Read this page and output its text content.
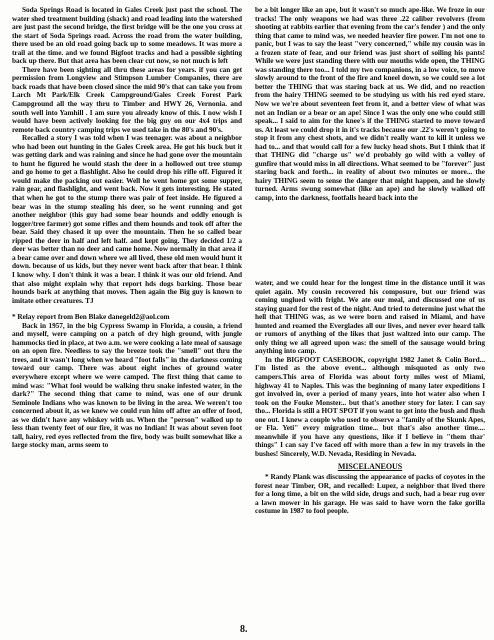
Soda Springs Road is located in Gales Creek just past the school. The water shed treatment building (shack) and road leading into the watershed are just past the second bridge, the first bridge will be the one you cross at the start of Soda Springs road. Across the road from the water building, there used be an old road going back up to some meadows. It was more a trail at the time. and we found Bigfoot tracks and had a possible sighting back up there. But that area has been clear cut now, so not much is left

There have been sighting all thru these areas for years. if you can get permission from Longview and Stimpson Lumber Companies, there are back roads that have been closed since the mid 90's that can take you from Larch Mt Park/Elk Creek Campground/Gales Creek Forest Park Campground all the way thru to Timber and HWY 26, Vernonia. and south well into Yamhill . I am sure you already know of this. I now wish I would have been actively looking for the big guy on our 4x4 trips and remote back country camping trips we used take in the 80's and 90's.

Recalled a story I was told when I was teenager. was about a neighbor who had been out hunting in the Gales Creek area. He got his buck but it was getting dark and was raining and since he had gone over the mountain to hunt he figured he would stash the deer in a hollowed out tree stump and go home to get a flashlight. Also he could drop his rifle off. Figured it would make the packing out easier. Well he went home got some supper, rain gear, and flashlight, and went back. Now it gets interesting. He stated that when he got to the stump there was pair of feet inside. He figured a bear was in the stump stealing his deer, so he went running and got another neighbor (this guy had some bear hounds and oddly enough is logger/tree farmer) got some rifles and them hounds and took off after the bear. Said they chased it up over the mountain. Then he so called bear ripped the deer in half and left half. and kept going. They decided 1/2 a deer was better than no deer and came home. Now normally in that area if a bear came over and down where we all lived, these old men would hunt it down. because of us kids, but they never went back after that bear. I think I know why. I don't think it was a bear. I think it was our old friend. And that also might explain why that report hds dogs barking. Those bear hounds bark at anything that moves. Then again the Big guy is known to imitate other creatures. TJ

* Relay report from Ben Blake danegeld2@aol.com

Back in 1957, in the big Cypress Swamp in Florida, a cousin, a friend and myself, were camping on a patch of dry high ground, with jungle hammocks tied in place, at two a.m. we were cooking a late meal of sausage on an open fire. Needless to say the breeze took the "smell" out thru the trees, and it wasn't long when we heard "foot falls" in the darkness coming toward our camp. There was about eight inches of ground water everywhere except where we were camped. The first thing that came to mind was: "What fool would be walking thru snake infested water, in the dark?" The second thing that came to mind, was one of our drunk Seminole Indians who was known to be living in the area. We weren't too concerned about it, as we knew we could run him off after an offer of food, as we didn't have any whiskey with us. When the "person" walked up to less than twenty feet of our fire, it was no Indian! It was about seven foot tall, hairy, red eyes reflected from the fire, body was built somewhat like a large stocky man, arms seem to

be a bit longer like an ape, but it wasn't so much ape-like. We froze in our tracks! The only weapons we had was three .22 caliber revolvers (from shooting at rabbits earlier that evening from the car's fender ) and the only thing that came to mind was, we needed heavier fire power. I'm not one to panic, but I was to say the least "very concerned," while my cousin was in a frozen state of fear, and our friend was just short of soiling his pants! While we were just standing there with our mouths wide open, the THING was standing there too... I told my two companions, in a low voice, to move slowly around to the front of the fire and kneel down, so we could see a lot better the THING that was staring back at us. We did, and no reaction from the hairy THING seemed to be studying us with his red eyed stare. Now we we're about seventeen feet from it, and a better view of what was not an Indian or a bear or an ape! Since I was the only one who could still speak... I said to aim for the knee's if the THING started to move toward us. At least we could drop it in it's tracks because our .22's weren't going to stop it from any chest shots, and we didn't really want to kill it unless we had to... and that would call for a few lucky head shots. But I think that if that THING did "charge us" we'd probably go wild with a volley of gunfire that would miss in all directions. What seemed to be "forever" just staring back and forth... in reality of about two minutes or more... the hairy THING seem to sense the danger that might happen, and he slowly turned. Arms swung somewhat (like an ape) and he slowly walked off camp, into the darkness, footfalls heard back into the

water, and we could hear for the longest time in the distance until it was quiet again. My cousin recovered his composure, but our friend was coming unglued with fright. We ate our meal, and discussed one of us staying guard for the rest of the night. And tried to determine just what the hell that THING was, as we were born and raised in Miami, and have hunted and roamed the Everglades all our lives, and never ever heard talk or rumors of anything of the likes that just waltzed into our camp. The only thing we all agreed upon was: the smell of the sausage would bring anything into camp.

In the BIGFOOT CASEBOOK, copyright 1982 Janet & Colin Bord... I'm listed as the above event... although misquoted as only two campers.This area of Florida was about forty miles west of Miami, highway 41 to Naples. This was the beginning of many later expeditions I got involved in, over a period of many years, into hot water also when I took on the Fouke Monster... but that's another story for later. I can say tho... Florida is still a HOT SPOT if you want to get into the bush and flush one out. I knew a couple who used to observe a "family of the Skunk Apes, or Fla. Yeti" every migration time... but that's also another time.... meanwhile if you have any questions, like if I believe in "them thar' things" I can say I've faced off with more than a few in my travels in the bushes! Sincerely, W.D. Nevada, Residing in Nevada.

MISCELANEOUS

* Randy Plank was discussing the appearance of packs of coyotes in the forest near Timber, OR, and recalled: Lupez, a neighbor that lived there for a long time, a bit on the wild side, drugs and such, had a bear rug over a lawn mower in his garage. He was said to have worn the fake gorilla costume in 1987 to fool people.

8.
